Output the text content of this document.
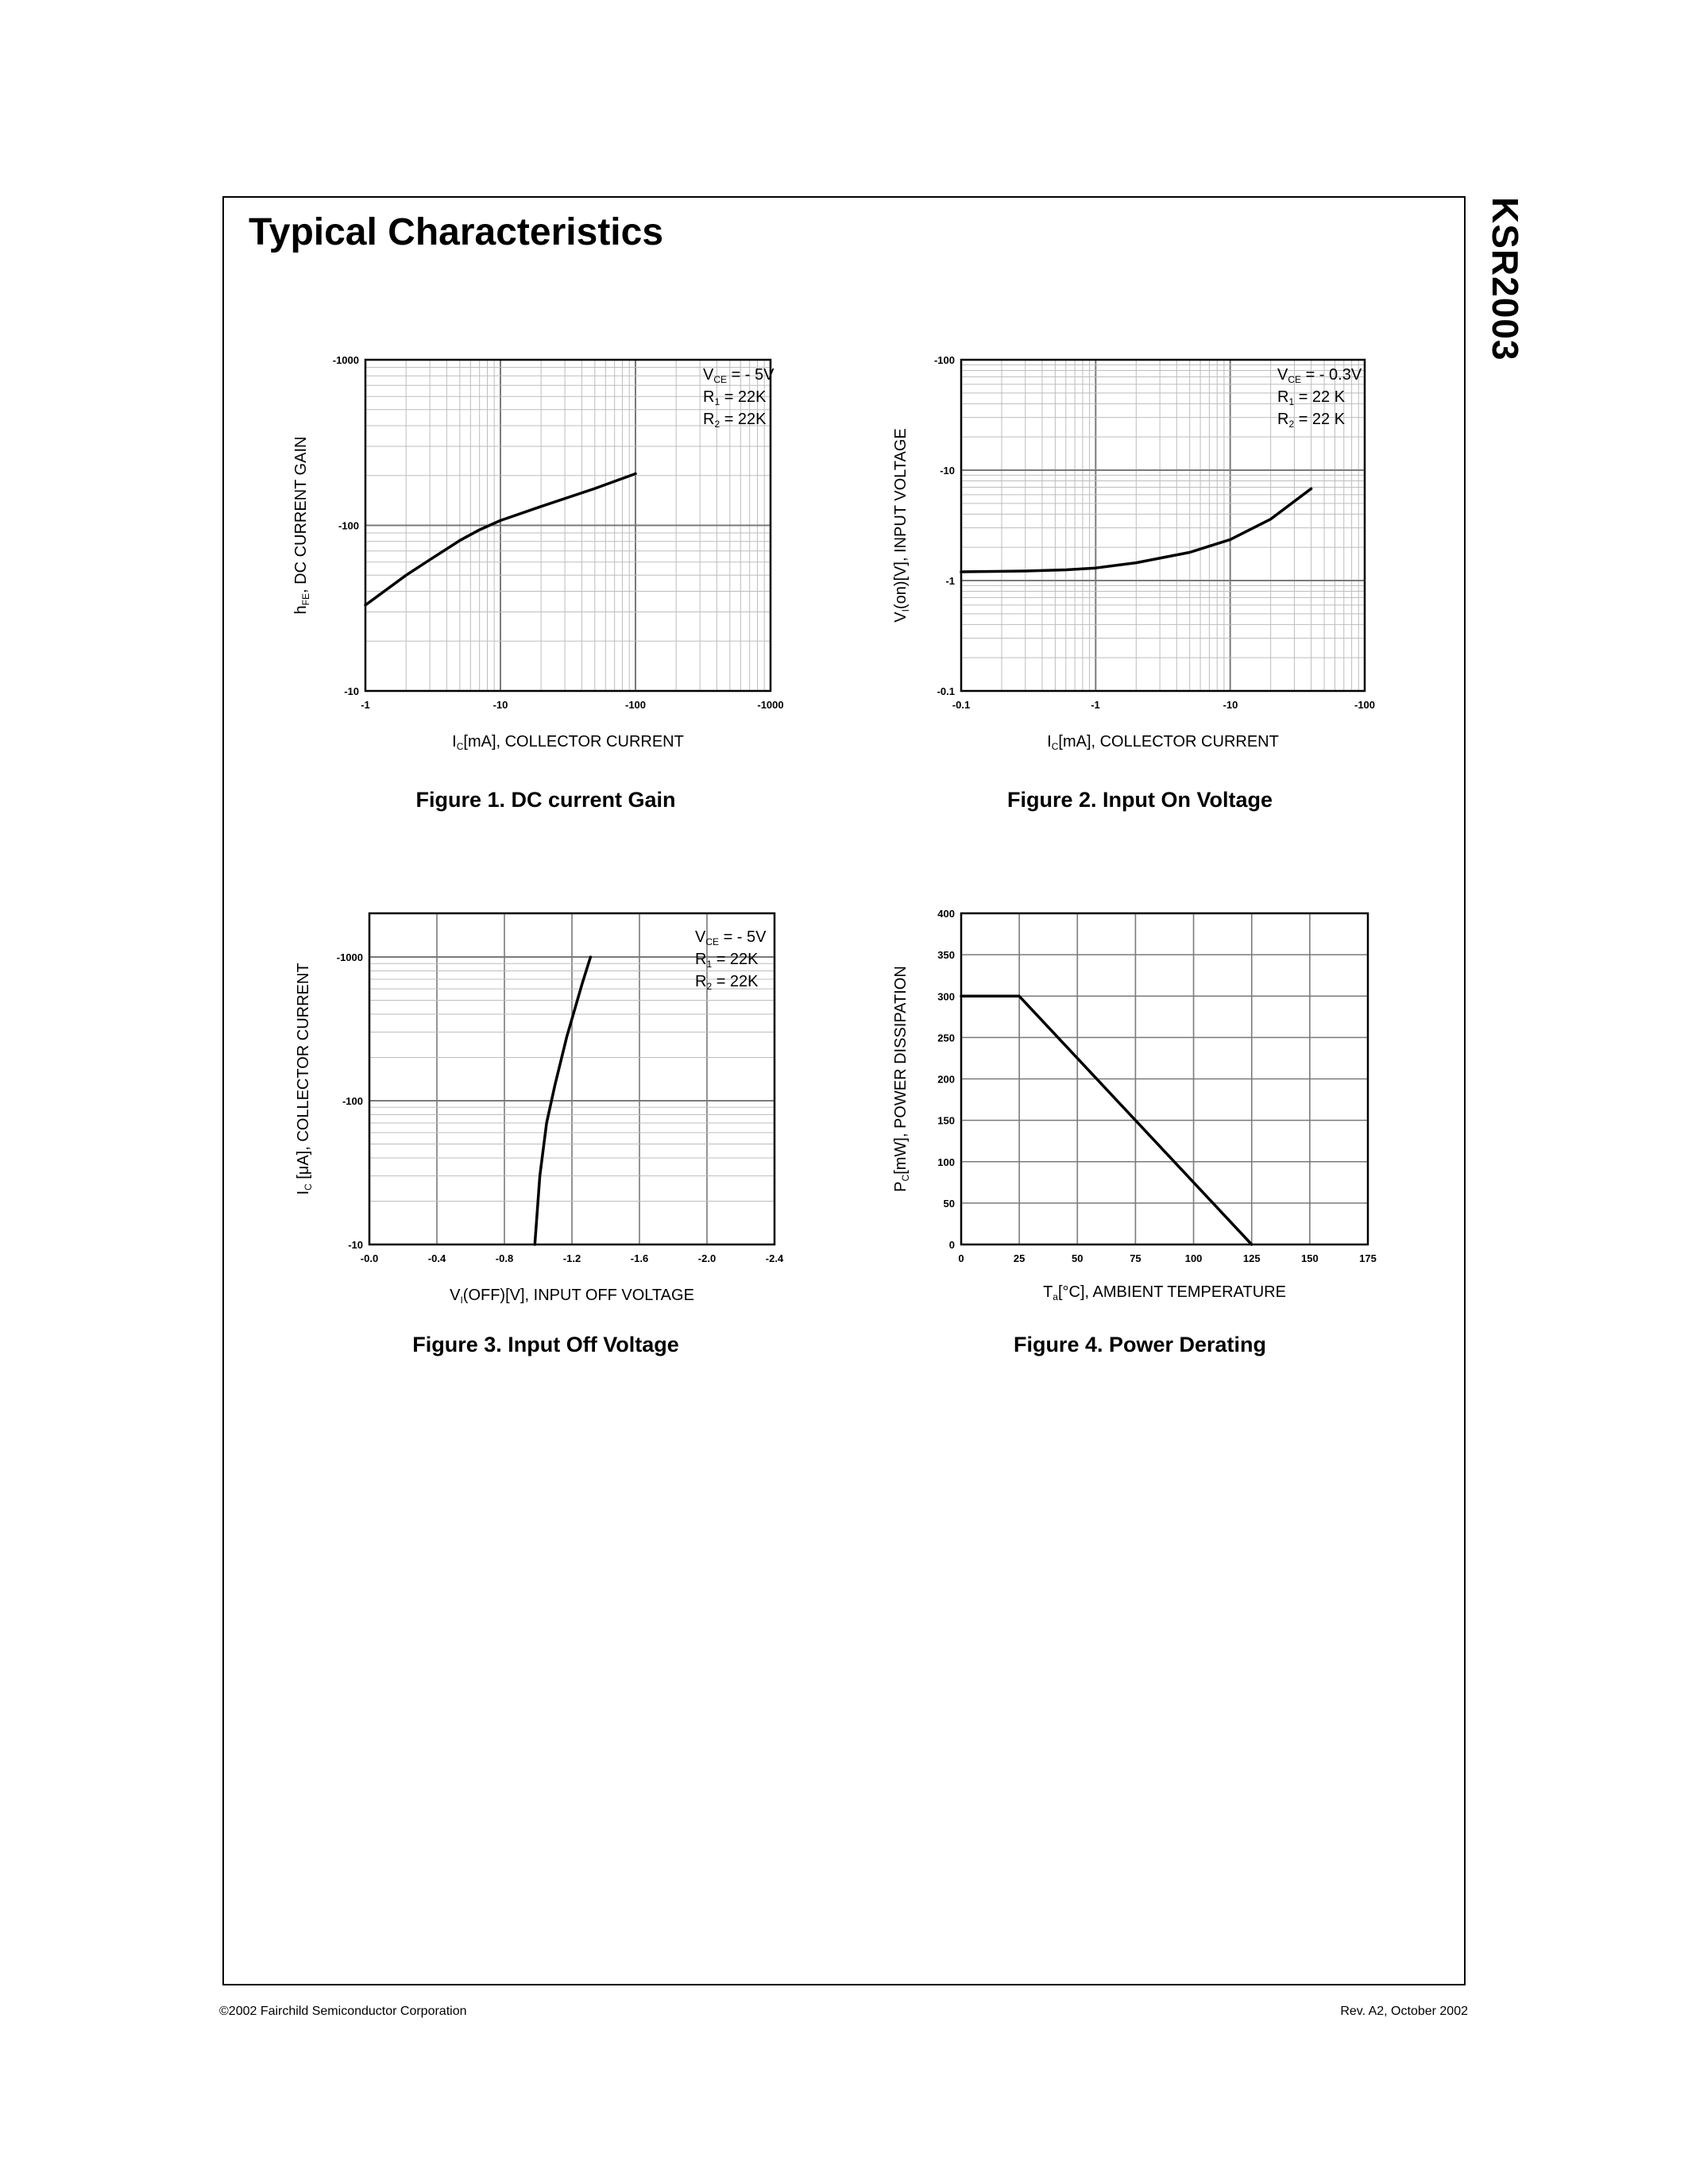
Typical Characteristics	KSR2003
-1	-10	-100	-1000
-10
-100
-1000
$I_C[mA]$, COLLECTOR CURRENT
$h_{FE}$, DC CURRENT GAIN
$V_{CE}$ = - 5V
$R_1 = 22K$
$R_2 = 22K$
-0.1	-1	-10	-100
-0.1
-1
-10
-100
$I_C[mA]$, COLLECTOR CURRENT
$V_I(on)[V]$, INPUT VOLTAGE
$V_{CE}$ = - 0.3V
$R_1 = 22$ K
$R_2 = 22$ K
-0.0	-0.4	-0.8	-1.2	-1.6	-2.0	-2.4
-10
-100
-1000
$V_I(OFF)[V]$, INPUT OFF VOLTAGE
$I_C$ [μA], COLLECTOR CURRENT
$V_{CE}$ = - 5V
$R_1 = 22K$
$R_2 = 22K$
0	25	50	75	100	125	150	175
0
50
100
150
200
250
300
350
400
$T_a[^\circ C]$, AMBIENT TEMPERATURE
$P_C[mW]$, POWER DISSIPATION
Figure 1. DC current Gain	Figure 2. Input On Voltage
Figure 3. Input Off Voltage	Figure 4. Power Derating
©2002 Fairchild Semiconductor Corporation	Rev. A2, October 2002
